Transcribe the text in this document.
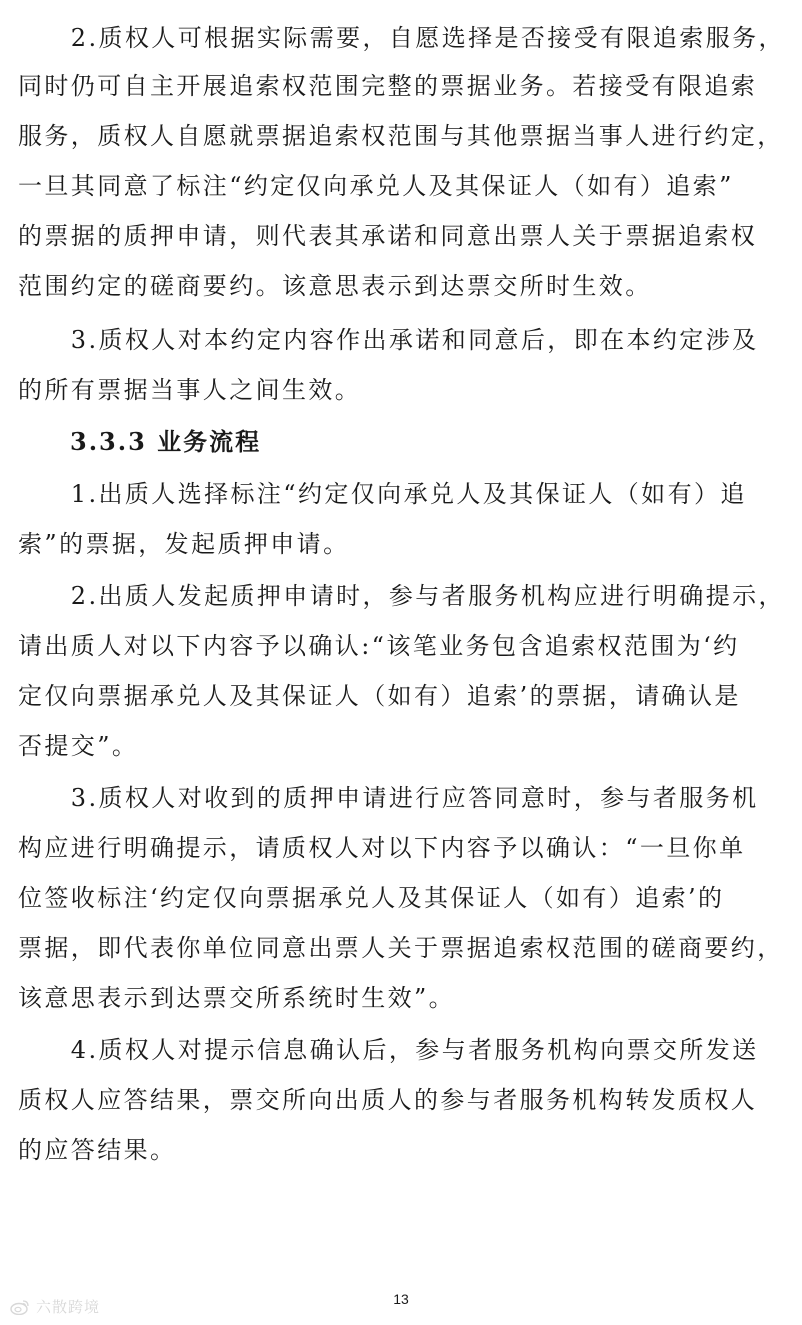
　　2.质权人可根据实际需要，自愿选择是否接受有限追索服务，
同时仍可自主开展追索权范围完整的票据业务。若接受有限追索
服务，质权人自愿就票据追索权范围与其他票据当事人进行约定，
一旦其同意了标注“约定仅向承兑人及其保证人（如有）追索”
的票据的质押申请，则代表其承诺和同意出票人关于票据追索权
范围约定的磋商要约。该意思表示到达票交所时生效。
　　3.质权人对本约定内容作出承诺和同意后，即在本约定涉及
的所有票据当事人之间生效。
　　3.3.3 业务流程
　　1.出质人选择标注“约定仅向承兑人及其保证人（如有）追
索”的票据，发起质押申请。
　　2.出质人发起质押申请时，参与者服务机构应进行明确提示，
请出质人对以下内容予以确认:“该笔业务包含追索权范围为‘约
定仅向票据承兑人及其保证人（如有）追索’的票据，请确认是
否提交”。
　　3.质权人对收到的质押申请进行应答同意时，参与者服务机
构应进行明确提示，请质权人对以下内容予以确认：“一旦你单
位签收标注‘约定仅向票据承兑人及其保证人（如有）追索’的
票据，即代表你单位同意出票人关于票据追索权范围的磋商要约，
该意思表示到达票交所系统时生效”。
　　4.质权人对提示信息确认后，参与者服务机构向票交所发送
质权人应答结果，票交所向出质人的参与者服务机构转发质权人
的应答结果。
13
六散跨境
